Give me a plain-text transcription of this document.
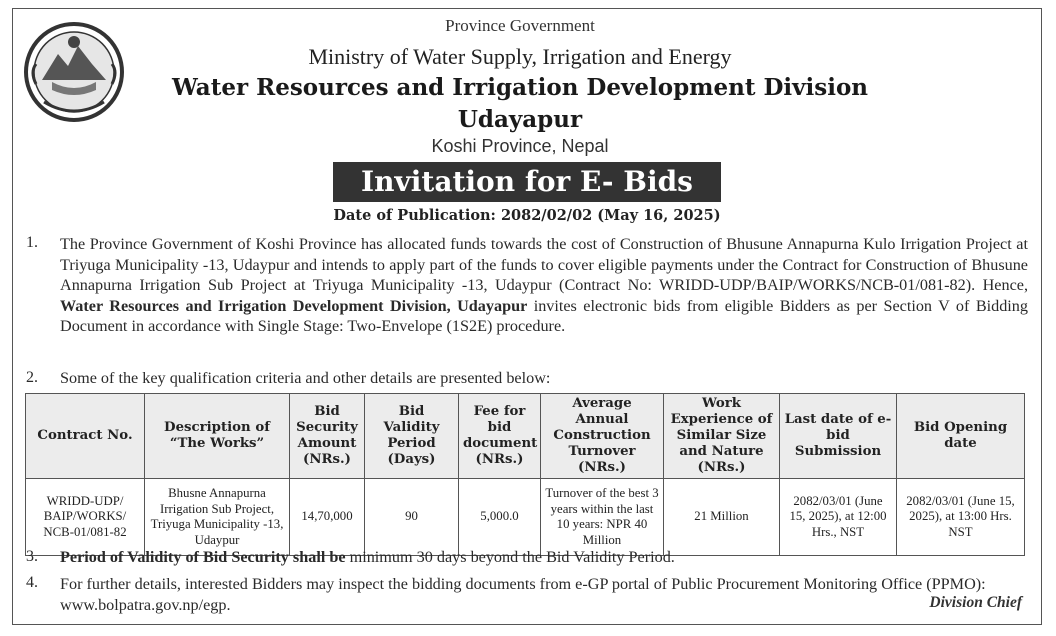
Province Government
Ministry of Water Supply, Irrigation and Energy
Water Resources and Irrigation Development Division
Udayapur
Koshi Province, Nepal
Invitation for E- Bids
Date of Publication: 2082/02/02 (May 16, 2025)
1. The Province Government of Koshi Province has allocated funds towards the cost of Construction of Bhusune Annapurna Kulo Irrigation Project at Triyuga Municipality -13, Udaypur and intends to apply part of the funds to cover eligible payments under the Contract for Construction of Bhusune Annapurna Irrigation Sub Project at Triyuga Municipality -13, Udaypur (Contract No: WRIDD-UDP/BAIP/WORKS/NCB-01/081-82). Hence, Water Resources and Irrigation Development Division, Udayapur invites electronic bids from eligible Bidders as per Section V of Bidding Document in accordance with Single Stage: Two-Envelope (1S2E) procedure.
2. Some of the key qualification criteria and other details are presented below:
Contract No.	Description of “The Works”	Bid Security Amount (NRs.)	Bid Validity Period (Days)	Fee for bid document (NRs.)	Average Annual Construction Turnover (NRs.)	Work Experience of Similar Size and Nature (NRs.)	Last date of e-bid Submission	Bid Opening date
WRIDD-UDP/ BAIP/WORKS/ NCB-01/081-82	Bhusne Annapurna Irrigation Sub Project, Triyuga Municipality -13, Udaypur	14,70,000	90	5,000.0	Turnover of the best 3 years within the last 10 years: NPR 40 Million	21 Million	2082/03/01 (June 15, 2025), at 12:00 Hrs., NST	2082/03/01 (June 15, 2025), at 13:00 Hrs. NST
3. Period of Validity of Bid Security shall be minimum 30 days beyond the Bid Validity Period.
4. For further details, interested Bidders may inspect the bidding documents from e-GP portal of Public Procurement Monitoring Office (PPMO): www.bolpatra.gov.np/egp.	Division Chief
